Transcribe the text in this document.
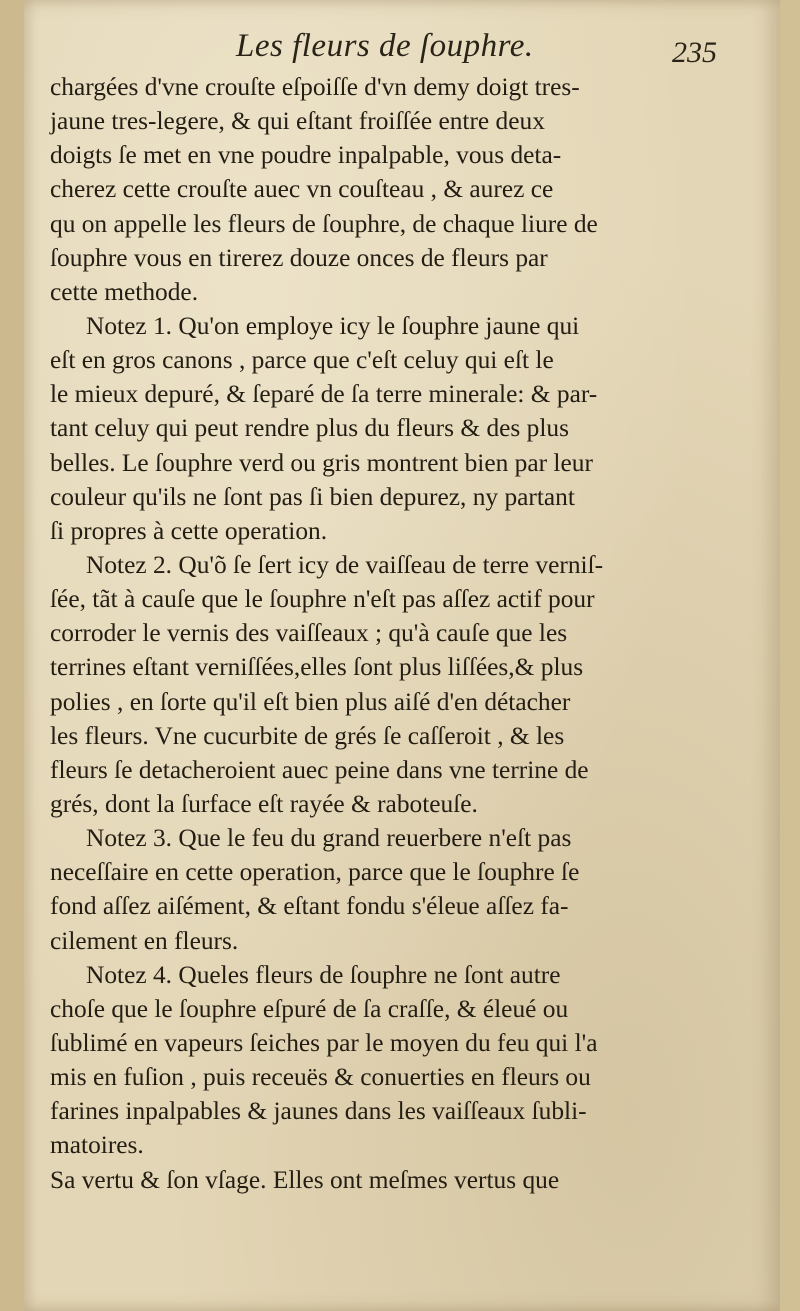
Les fleurs de ſouphre.	235
chargées d'vne crouſte eſpoiſſe d'vn demy doigt tres-
jaune tres-legere, & qui eſtant froiſſée entre deux
doigts ſe met en vne poudre inpalpable, vous deta-
cherez cette crouſte auec vn couſteau , & aurez ce
qu on appelle les fleurs de ſouphre, de chaque liure de
ſouphre vous en tirerez douze onces de fleurs par
cette methode.
Notez 1. Qu'on employe icy le ſouphre jaune qui
eſt en gros canons , parce que c'eſt celuy qui eſt le
le mieux depuré, & ſeparé de ſa terre minerale: & par-
tant celuy qui peut rendre plus du fleurs & des plus
belles. Le ſouphre verd ou gris montrent bien par leur
couleur qu'ils ne ſont pas ſi bien depurez, ny partant
ſi propres à cette operation.
Notez 2. Qu'õ ſe ſert icy de vaiſſeau de terre verniſ-
ſée, tãt à cauſe que le ſouphre n'eſt pas aſſez actif pour
corroder le vernis des vaiſſeaux ; qu'à cauſe que les
terrines eſtant verniſſées,elles ſont plus liſſées,& plus
polies , en ſorte qu'il eſt bien plus aiſé d'en détacher
les fleurs. Vne cucurbite de grés ſe caſſeroit , & les
fleurs ſe detacheroient auec peine dans vne terrine de
grés, dont la ſurface eſt rayée & raboteuſe.
Notez 3. Que le feu du grand reuerbere n'eſt pas
neceſſaire en cette operation, parce que le ſouphre ſe
fond aſſez aiſément, & eſtant fondu s'éleue aſſez fa-
cilement en fleurs.
Notez 4. Queles fleurs de ſouphre ne ſont autre
choſe que le ſouphre eſpuré de ſa craſſe, & éleué ou
ſublimé en vapeurs ſeiches par le moyen du feu qui l'a
mis en fuſion , puis receuës & conuerties en fleurs ou
farines inpalpables & jaunes dans les vaiſſeaux ſubli-
matoires.
Sa vertu & ſon vſage. Elles ont meſmes vertus que
